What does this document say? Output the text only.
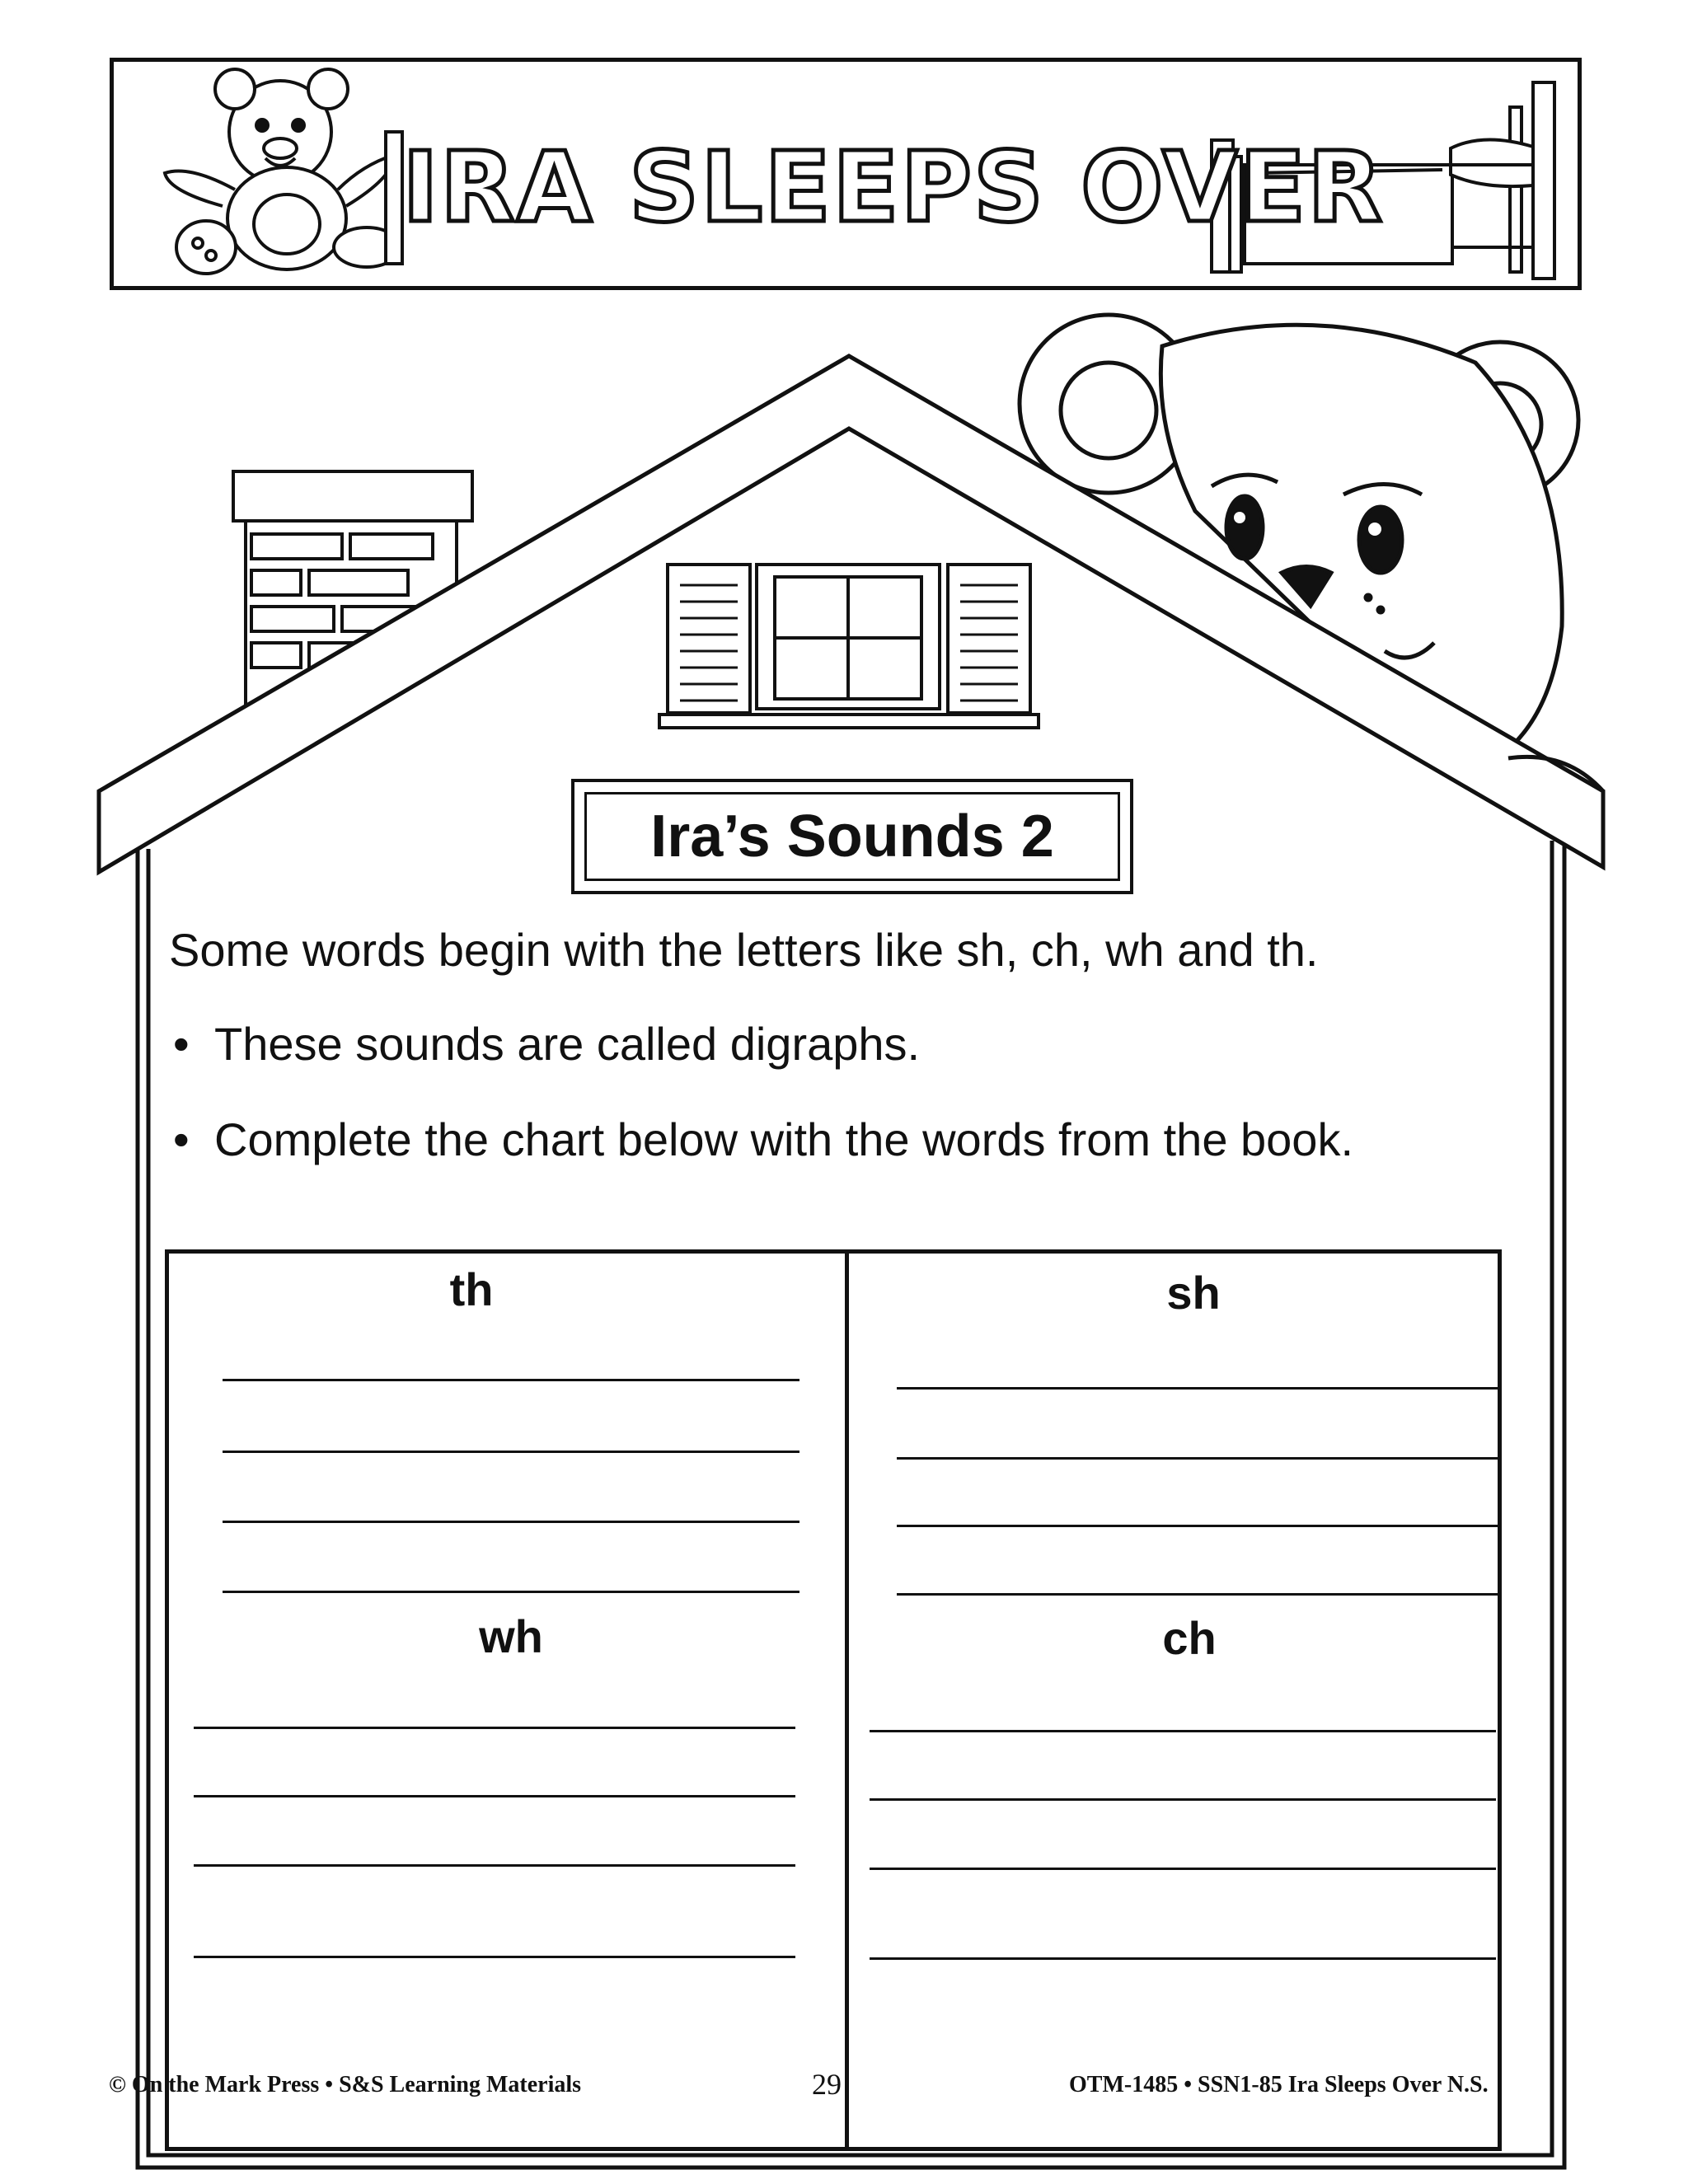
IRA SLEEPS OVER
Ira’s Sounds 2
Some words begin with the letters like sh, ch, wh and th.
• These sounds are called digraphs.
• Complete the chart below with the words from the book.
th	sh
wh	ch
© On the Mark Press • S&S Learning Materials	29	OTM-1485 • SSN1-85 Ira Sleeps Over N.S.
